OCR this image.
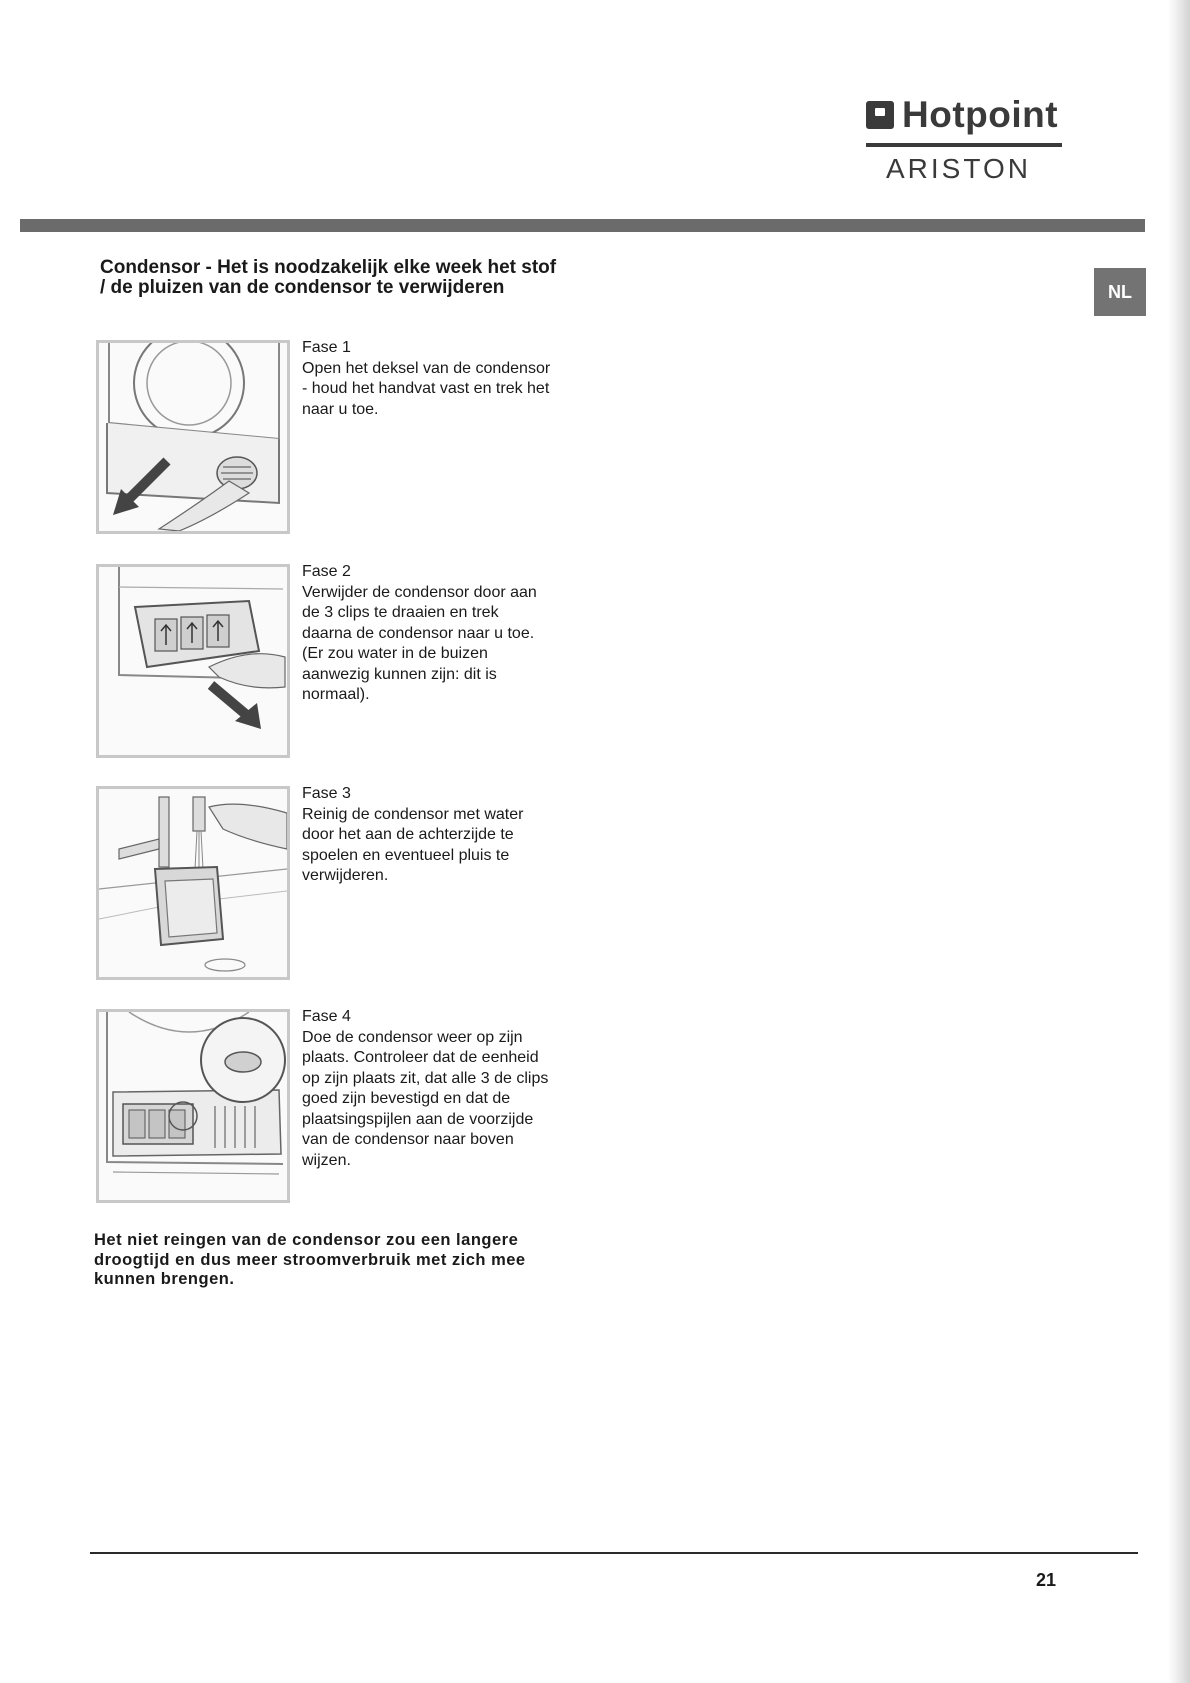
Hotpoint
ARISTON
NL
Condensor - Het is noodzakelijk elke week het stof / de pluizen van de condensor te verwijderen
Fase 1
Open het deksel van de condensor - houd het handvat vast en trek het naar u toe.
Fase 2
Verwijder de condensor door aan de 3 clips te draaien en trek daarna de condensor naar u toe. (Er zou water in de buizen aanwezig kunnen zijn: dit is normaal).
Fase 3
Reinig de condensor met water door het aan de achterzijde te spoelen en eventueel pluis te verwijderen.
Fase 4
Doe de condensor weer op zijn plaats. Controleer dat de eenheid op zijn plaats zit, dat alle 3 de clips goed zijn bevestigd en dat de plaatsingspijlen aan de voorzijde van de condensor naar boven wijzen.

Het niet reingen van de condensor zou een langere droogtijd en dus meer stroomverbruik met zich mee kunnen brengen.

21
